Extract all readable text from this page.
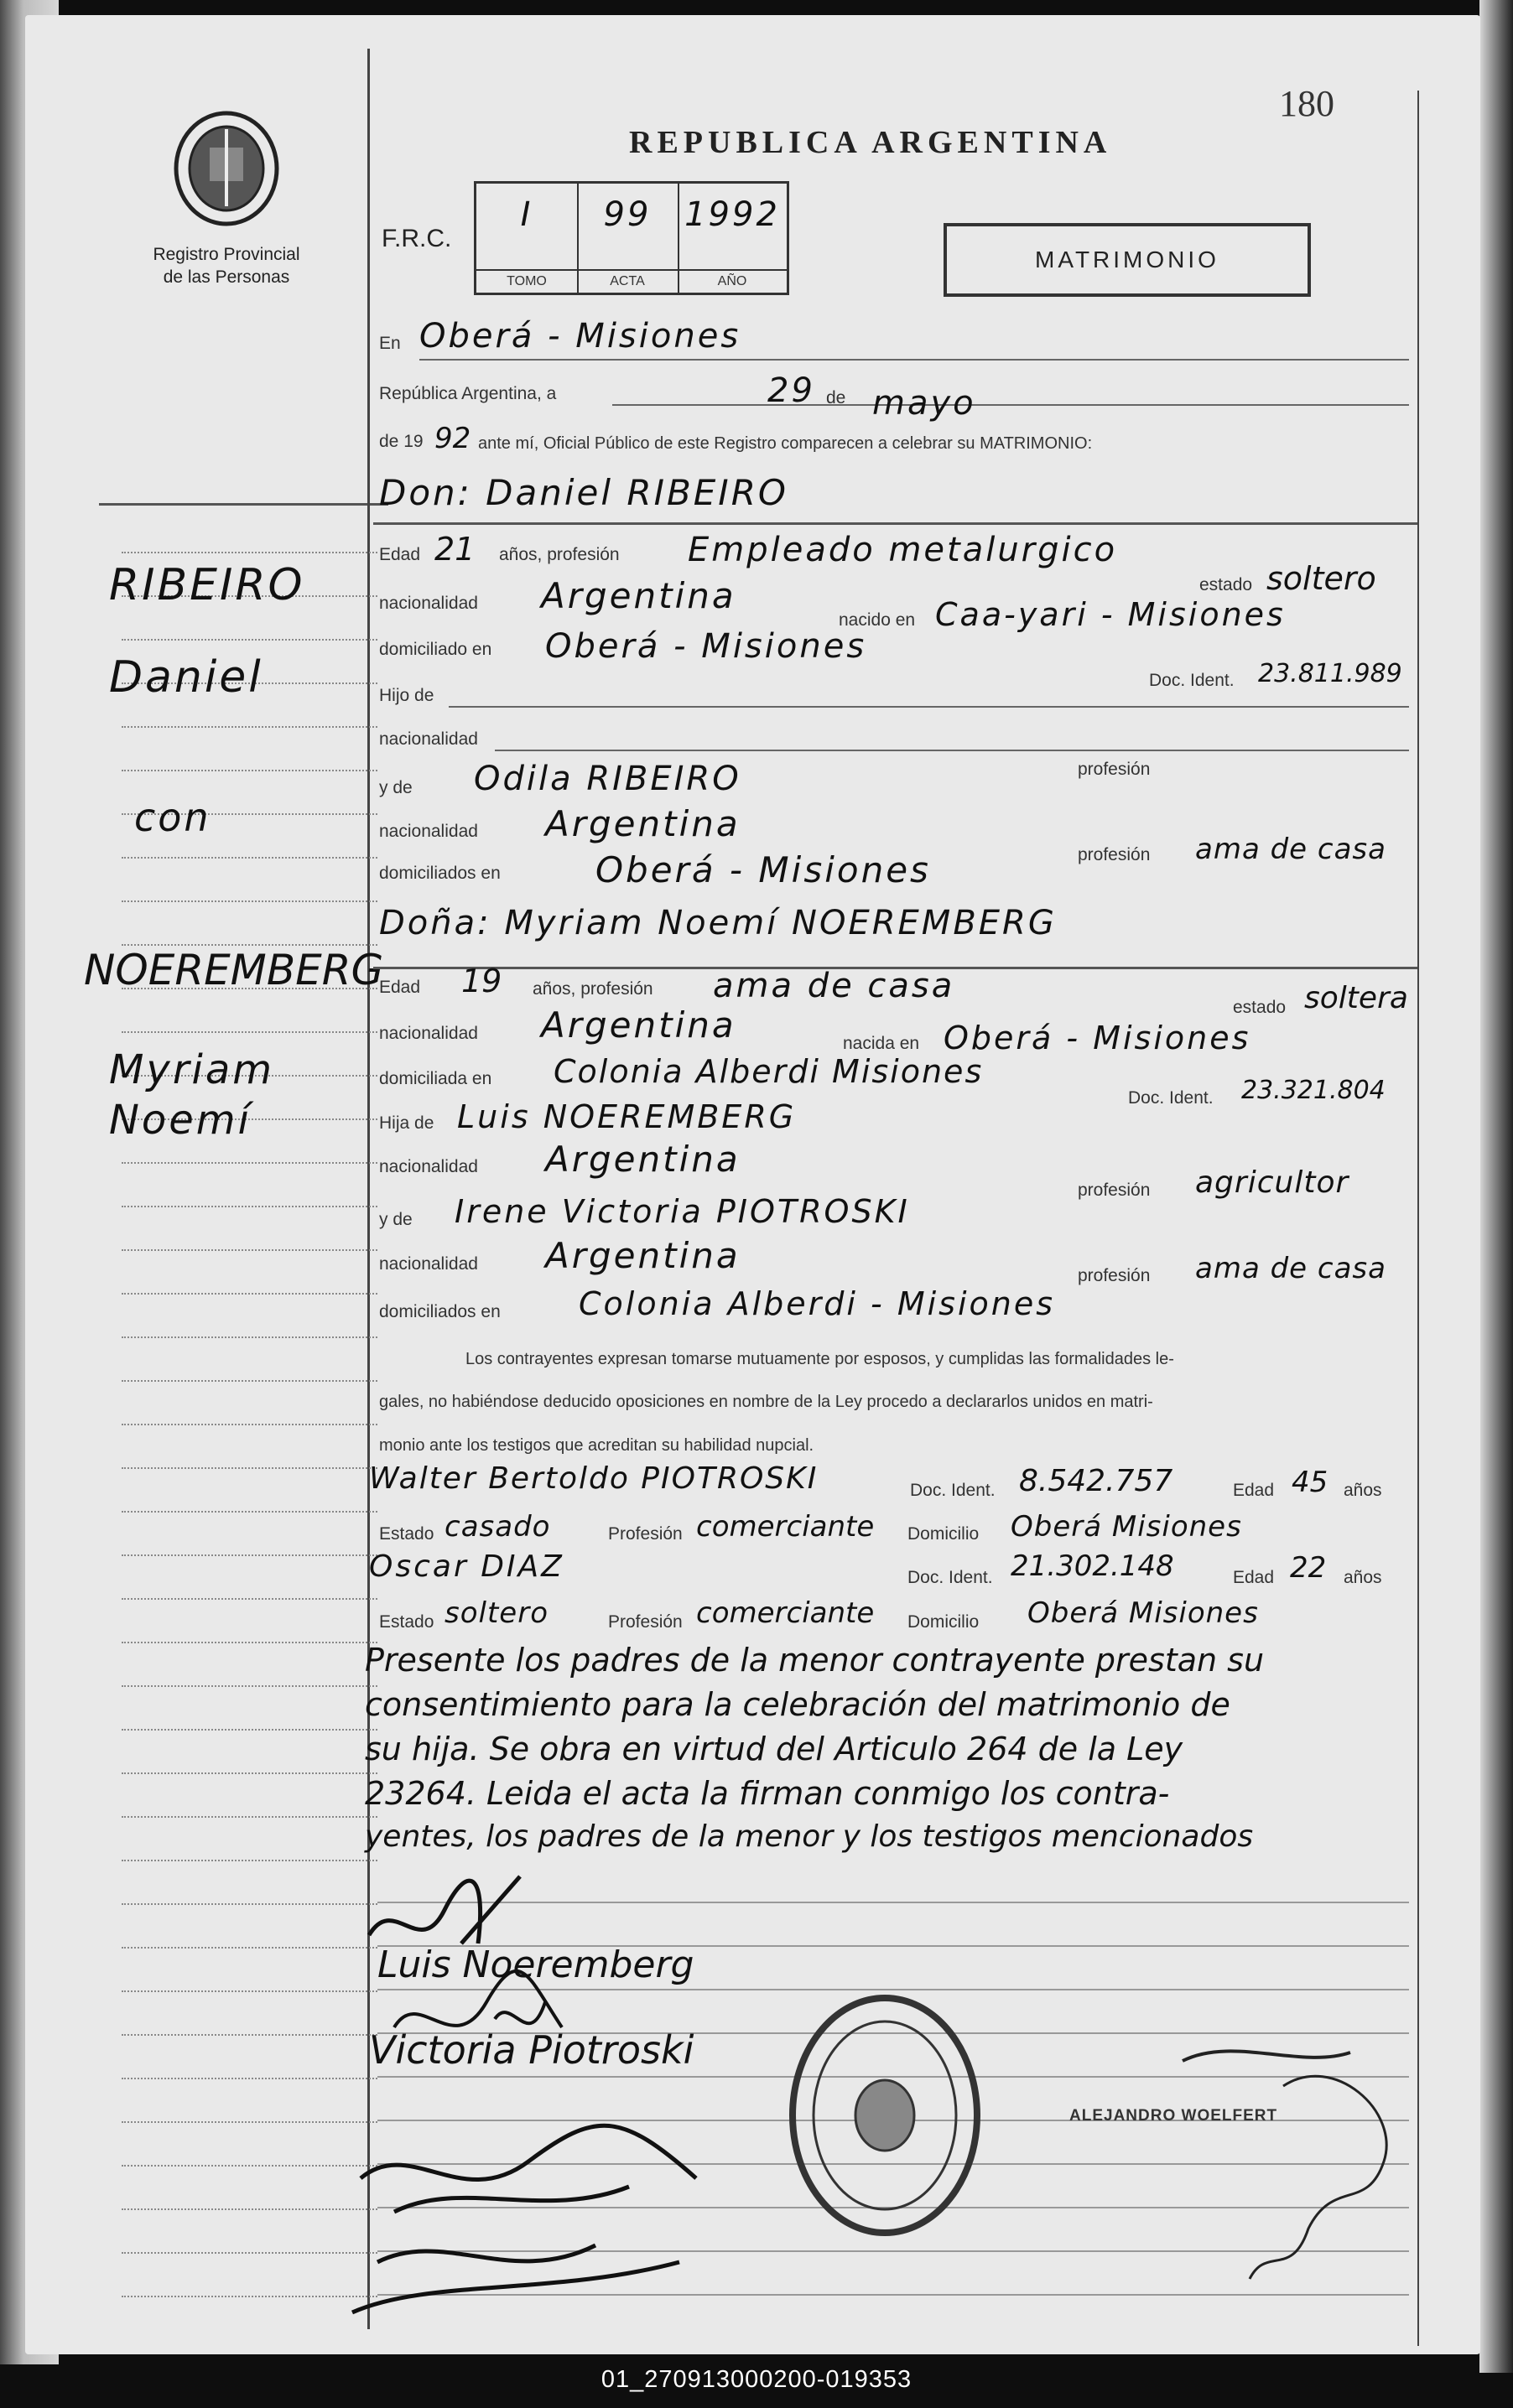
180
Registro Provincial
de las Personas
RIBEIRO
Daniel
con
NOEREMBERG
Myriam
Noemí
REPUBLICA ARGENTINA
F.R.C.
I
TOMO
99
ACTA
1992
AÑO
MATRIMONIO
En Oberá - Misiones
República Argentina, a	29 de mayo
de 19 92 ante mí, Oficial Público de este Registro comparecen a celebrar su MATRIMONIO:
Don: Daniel RIBEIRO
Edad 21 años, profesión Empleado metalurgico
estado soltero
nacionalidad Argentina
nacido en Caa-yari - Misiones
domiciliado en Oberá - Misiones
Doc. Ident. 23.811.989
Hijo de
nacionalidad
profesión
y de Odila RIBEIRO
nacionalidad Argentina
profesión ama de casa
domiciliados en	Oberá - Misiones
Doña: Myriam Noemí NOEREMBERG
Edad 19 años, profesión ama de casa
estado soltera
nacionalidad Argentina	nacida en Oberá - Misiones
domiciliada en Colonia Alberdi Misiones
Doc. Ident. 23.321.804
Hija de Luis NOEREMBERG
nacionalidad Argentina
profesión agricultor
y de Irene Victoria PIOTROSKI
nacionalidad Argentina	profesión ama de casa
domiciliados en Colonia Alberdi - Misiones
Los contrayentes expresan tomarse mutuamente por esposos, y cumplidas las formalidades le-
gales, no habiéndose deducido oposiciones en nombre de la Ley procedo a declararlos unidos en matri-
monio ante los testigos que acreditan su habilidad nupcial.
Walter Bertoldo PIOTROSKI	Doc. Ident. 8.542.757	Edad 45 años
Estado casado	Profesión comerciante Domicilio Oberá Misiones
Oscar DIAZ	Doc. Ident. 21.302.148	Edad 22 años
Estado soltero	Profesión comerciante Domicilio Oberá Misiones
Presente los padres de la menor contrayente prestan su
consentimiento para la celebración del matrimonio de
su hija. Se obra en virtud del Articulo 264 de la Ley
23264. Leida el acta la firman conmigo los contra-
yentes, los padres de la menor y los testigos mencionados
Luis Noeremberg
Victoria Piotroski
ALEJANDRO WOELFERT
01_270913000200-019353
